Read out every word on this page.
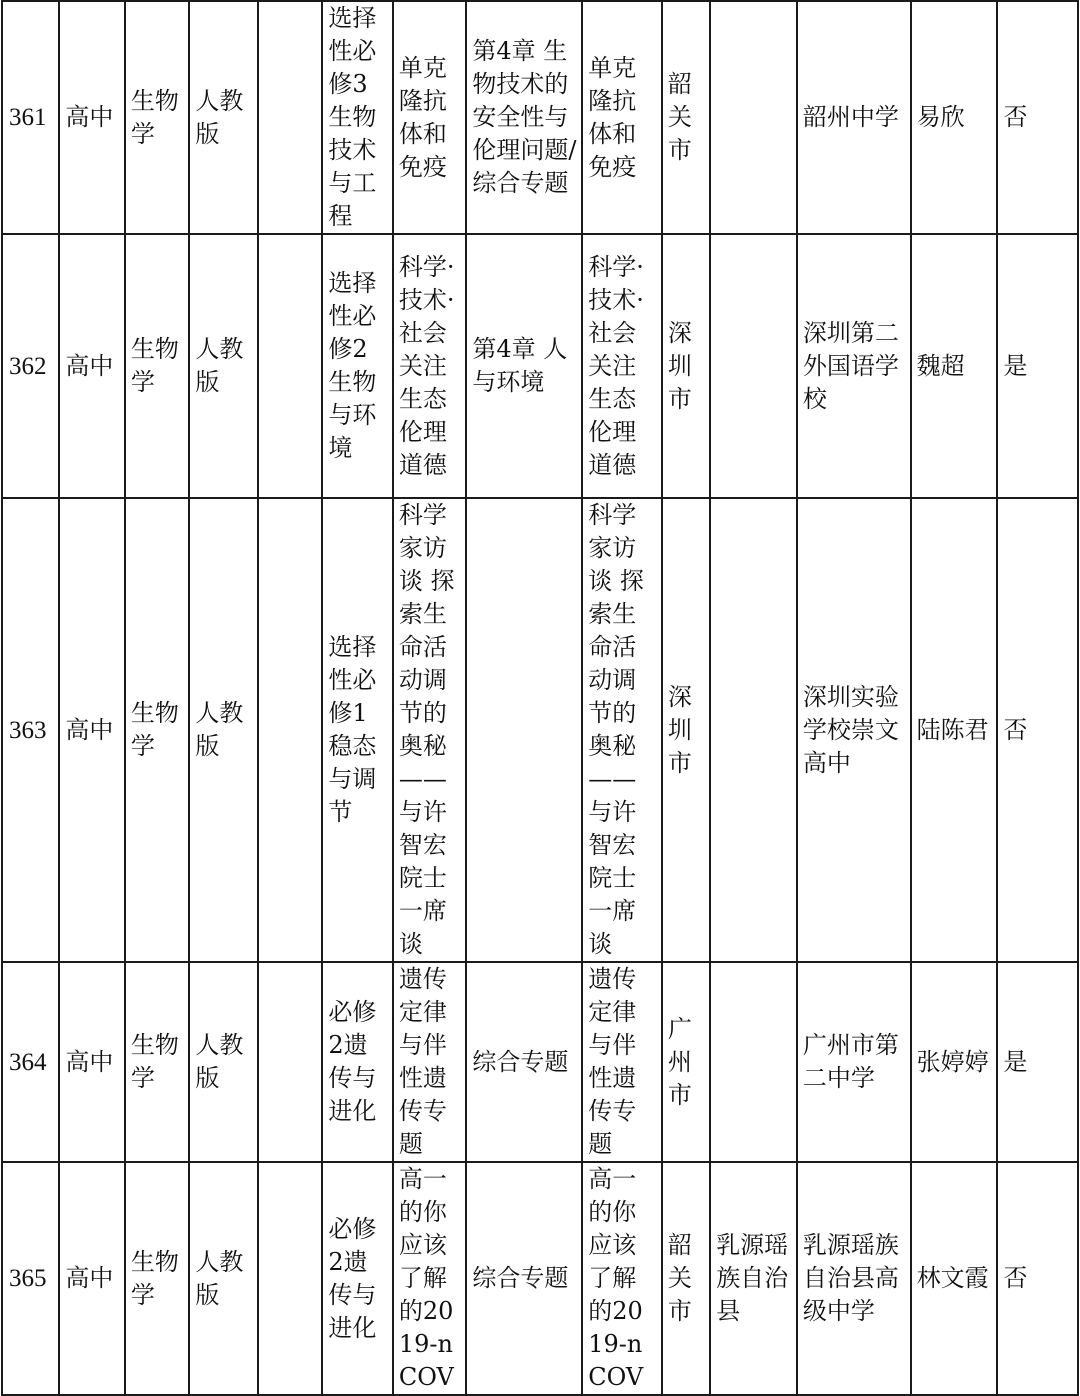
361	高中	生物学	人教版		选择性必修3生物技术与工程	单克隆抗体和免疫	第4章 生物技术的安全性与伦理问题/综合专题	单克隆抗体和免疫	韶关市		韶州中学	易欣	否
362	高中	生物学	人教版		选择性必修2生物与环境	科学·技术·社会关注生态伦理道德	第4章 人与环境	科学·技术·社会关注生态伦理道德	深圳市		深圳第二外国语学校	魏超	是
363	高中	生物学	人教版		选择性必修1稳态与调节	科学家访谈 探索生命活动调节的奥秘——与许智宏院士一席谈		科学家访谈 探索生命活动调节的奥秘——与许智宏院士一席谈	深圳市		深圳实验学校崇文高中	陆陈君	否
364	高中	生物学	人教版		必修2遗传与进化	遗传定律与伴性遗传专题	综合专题	遗传定律与伴性遗传专题	广州市		广州市第二中学	张婷婷	是
365	高中	生物学	人教版		必修2遗传与进化	高一的你应该了解的2019-nCOV	综合专题	高一的你应该了解的2019-nCOV	韶关市	乳源瑶族自治县	乳源瑶族自治县高级中学	林文霞	否
